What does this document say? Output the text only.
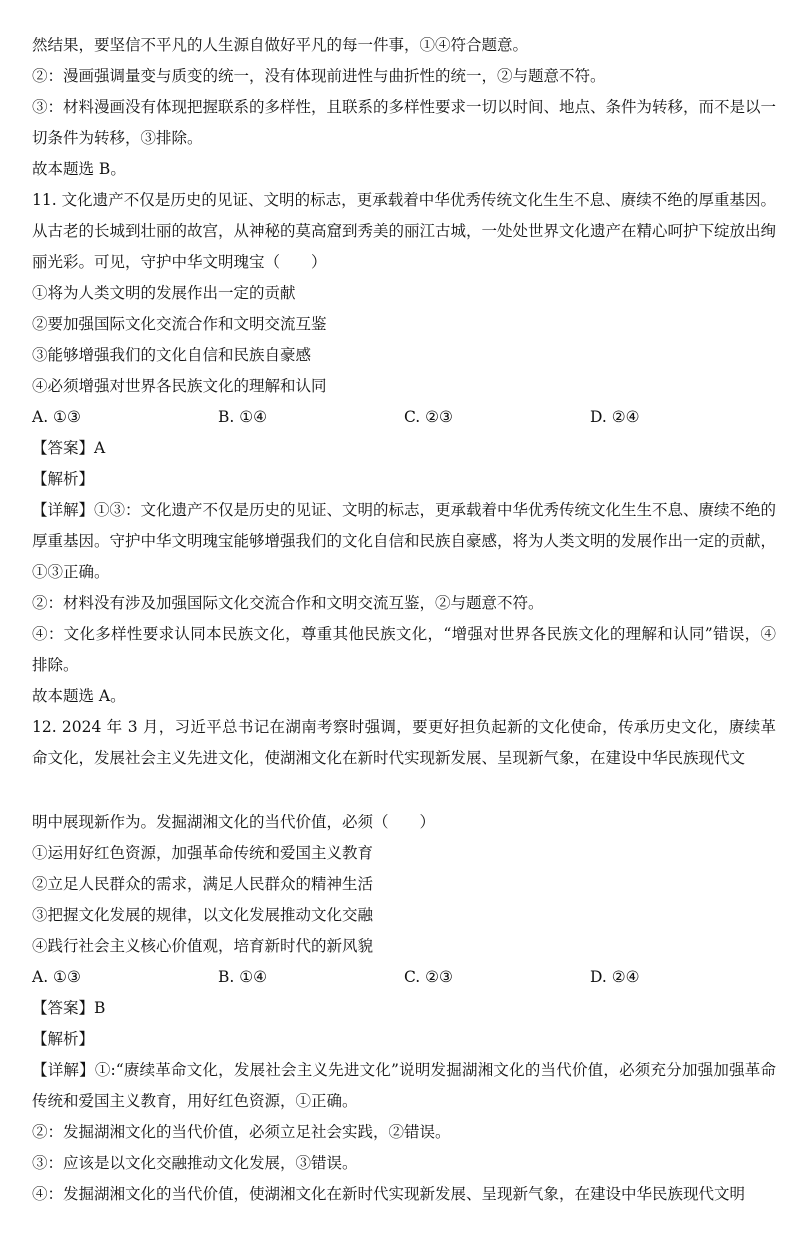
然结果，要坚信不平凡的人生源自做好平凡的每一件事，①④符合题意。

②：漫画强调量变与质变的统一，没有体现前进性与曲折性的统一，②与题意不符。

③：材料漫画没有体现把握联系的多样性，且联系的多样性要求一切以时间、地点、条件为转移，而不是以一切条件为转移，③排除。

故本题选 B。

11. 文化遗产不仅是历史的见证、文明的标志，更承载着中华优秀传统文化生生不息、赓续不绝的厚重基因。从古老的长城到壮丽的故宫，从神秘的莫高窟到秀美的丽江古城，一处处世界文化遗产在精心呵护下绽放出绚丽光彩。可见，守护中华文明瑰宝（　　）

①将为人类文明的发展作出一定的贡献

②要加强国际文化交流合作和文明交流互鉴

③能够增强我们的文化自信和民族自豪感

④必须增强对世界各民族文化的理解和认同

A. ①③	B. ①④	C. ②③	D. ②④

【答案】A

【解析】

【详解】①③：文化遗产不仅是历史的见证、文明的标志，更承载着中华优秀传统文化生生不息、赓续不绝的厚重基因。守护中华文明瑰宝能够增强我们的文化自信和民族自豪感，将为人类文明的发展作出一定的贡献，①③正确。

②：材料没有涉及加强国际文化交流合作和文明交流互鉴，②与题意不符。

④：文化多样性要求认同本民族文化，尊重其他民族文化，“增强对世界各民族文化的理解和认同”错误，④排除。

故本题选 A。

12. 2024 年 3 月，习近平总书记在湖南考察时强调，要更好担负起新的文化使命，传承历史文化，赓续革命文化，发展社会主义先进文化，使湖湘文化在新时代实现新发展、呈现新气象，在建设中华民族现代文

明中展现新作为。发掘湖湘文化的当代价值，必须（　　）

①运用好红色资源，加强革命传统和爱国主义教育

②立足人民群众的需求，满足人民群众的精神生活

③把握文化发展的规律，以文化发展推动文化交融

④践行社会主义核心价值观，培育新时代的新风貌

A. ①③	B. ①④	C. ②③	D. ②④

【答案】B

【解析】

【详解】①:“赓续革命文化，发展社会主义先进文化”说明发掘湖湘文化的当代价值，必须充分加强加强革命传统和爱国主义教育，用好红色资源，①正确。

②：发掘湖湘文化的当代价值，必须立足社会实践，②错误。

③：应该是以文化交融推动文化发展，③错误。

④：发掘湖湘文化的当代价值，使湖湘文化在新时代实现新发展、呈现新气象，在建设中华民族现代文明
